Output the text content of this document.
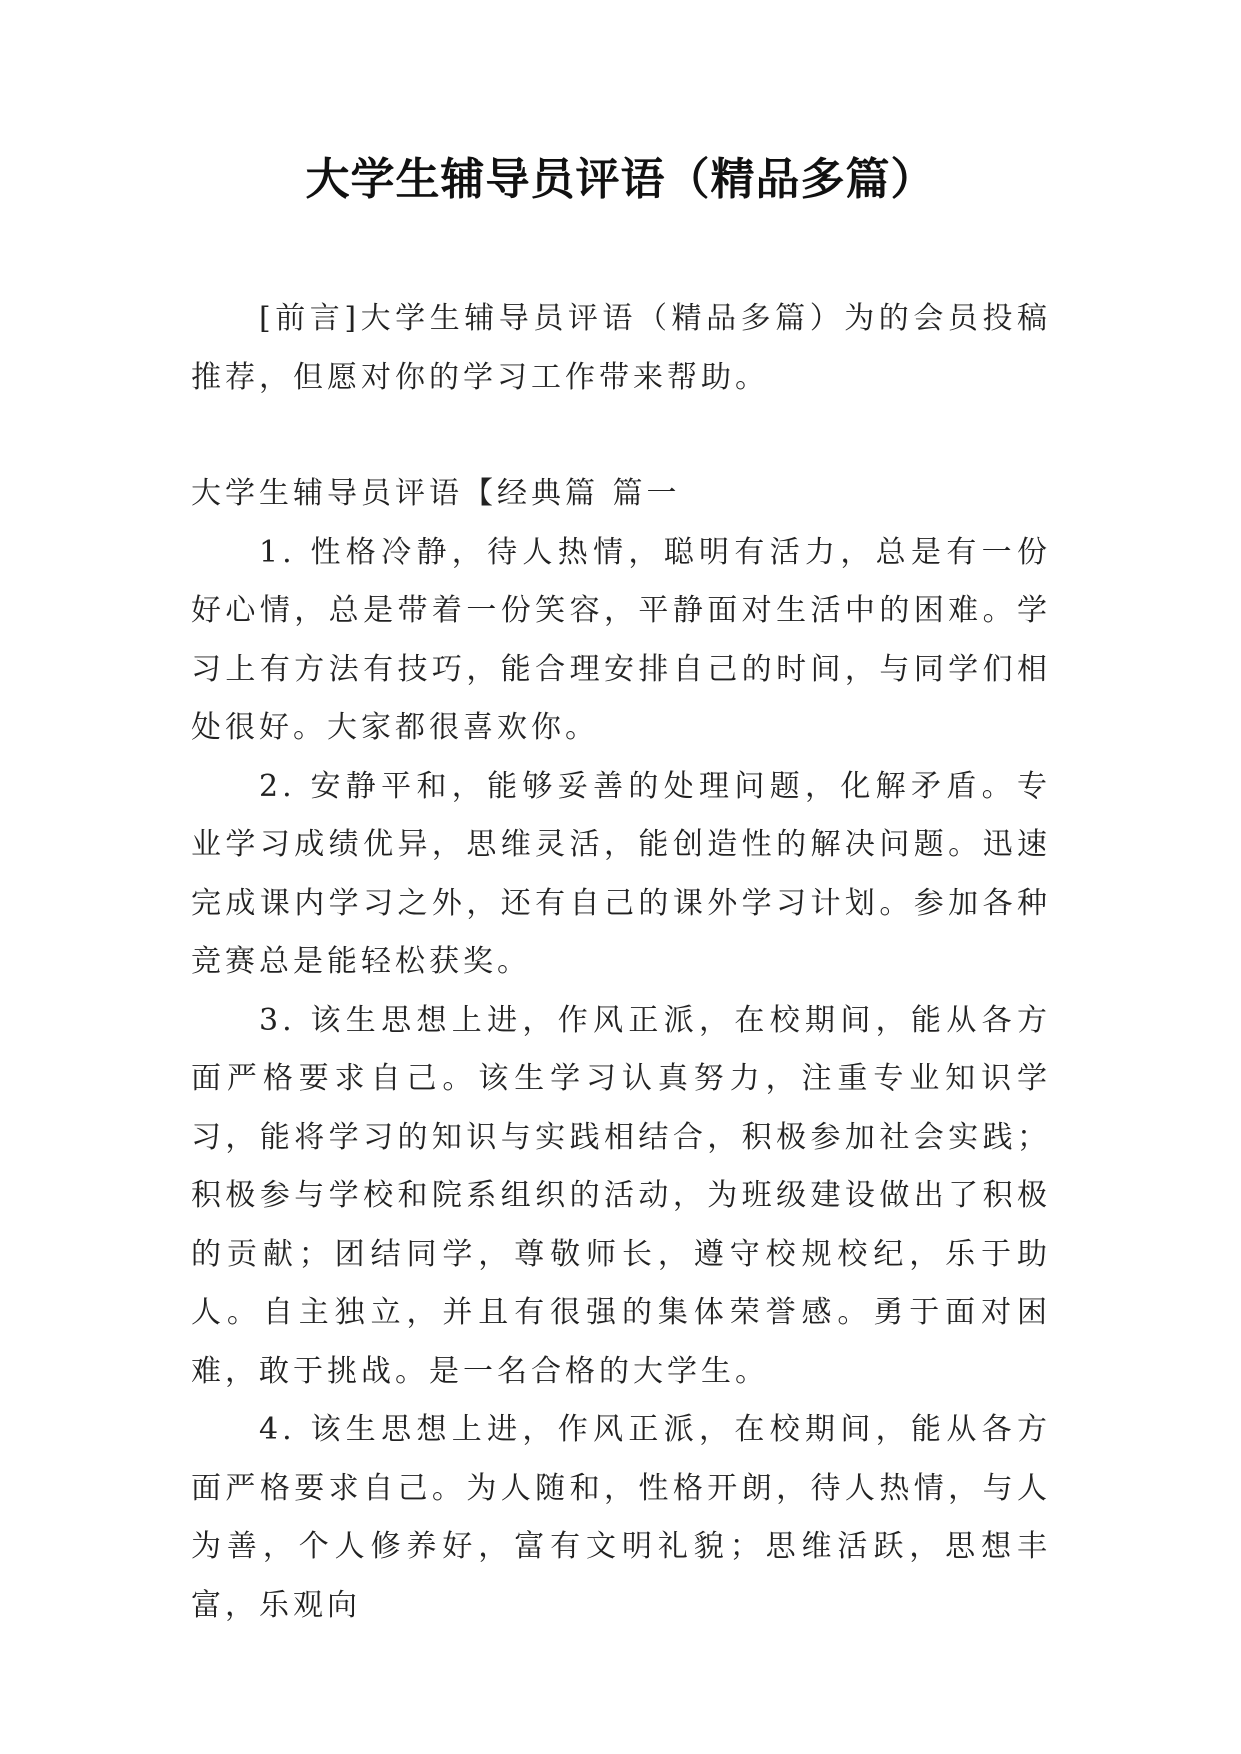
大学生辅导员评语（精品多篇）

[前言]大学生辅导员评语（精品多篇）为的会员投稿推荐，但愿对你的学习工作带来帮助。

大学生辅导员评语【经典篇 篇一

1. 性格冷静，待人热情，聪明有活力，总是有一份好心情，总是带着一份笑容，平静面对生活中的困难。学习上有方法有技巧，能合理安排自己的时间，与同学们相处很好。大家都很喜欢你。

2. 安静平和，能够妥善的处理问题，化解矛盾。专业学习成绩优异，思维灵活，能创造性的解决问题。迅速完成课内学习之外，还有自己的课外学习计划。参加各种竞赛总是能轻松获奖。

3. 该生思想上进，作风正派，在校期间，能从各方面严格要求自己。该生学习认真努力，注重专业知识学习，能将学习的知识与实践相结合，积极参加社会实践；积极参与学校和院系组织的活动，为班级建设做出了积极的贡献；团结同学，尊敬师长，遵守校规校纪，乐于助人。自主独立，并且有很强的集体荣誉感。勇于面对困难，敢于挑战。是一名合格的大学生。

4. 该生思想上进，作风正派，在校期间，能从各方面严格要求自己。为人随和，性格开朗，待人热情，与人为善，个人修养好，富有文明礼貌；思维活跃，思想丰富，乐观向
